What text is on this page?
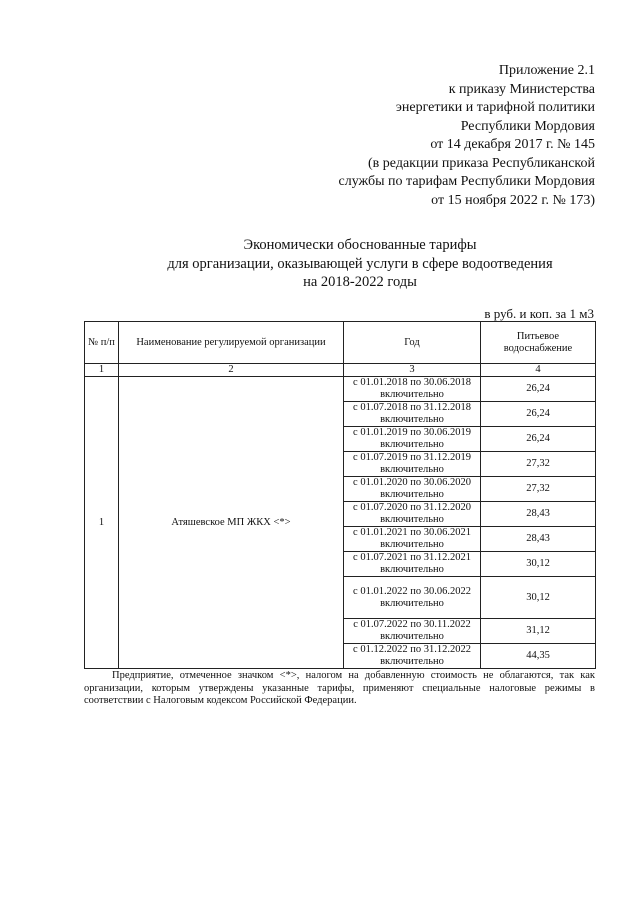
Приложение 2.1
к приказу Министерства
энергетики и тарифной политики
Республики Мордовия
от 14 декабря 2017 г. № 145
(в редакции приказа Республиканской
службы по тарифам Республики Мордовия
от 15 ноября 2022 г. № 173)
Экономически обоснованные тарифы
для организации, оказывающей услуги в сфере водоотведения
на 2018-2022 годы
в руб. и коп. за 1 м3
№ п/п	Наименование регулируемой организации	Год	Питьевое водоснабжение
1	2	3	4
1	Атяшевское МП ЖКХ <*>	с 01.01.2018 по 30.06.2018 включительно	26,24
		с 01.07.2018 по 31.12.2018 включительно	26,24
		с 01.01.2019 по 30.06.2019 включительно	26,24
		с 01.07.2019 по 31.12.2019 включительно	27,32
		с 01.01.2020 по 30.06.2020 включительно	27,32
		с 01.07.2020 по 31.12.2020 включительно	28,43
		с 01.01.2021 по 30.06.2021 включительно	28,43
		с 01.07.2021 по 31.12.2021 включительно	30,12
		с 01.01.2022 по 30.06.2022 включительно	30,12
		с 01.07.2022 по 30.11.2022 включительно	31,12
		с 01.12.2022 по 31.12.2022 включительно	44,35
Предприятие, отмеченное значком <*>, налогом на добавленную стоимость не облагаются, так как организации, которым утверждены указанные тарифы, применяют специальные налоговые режимы в соответствии с Налоговым кодексом Российской Федерации.
